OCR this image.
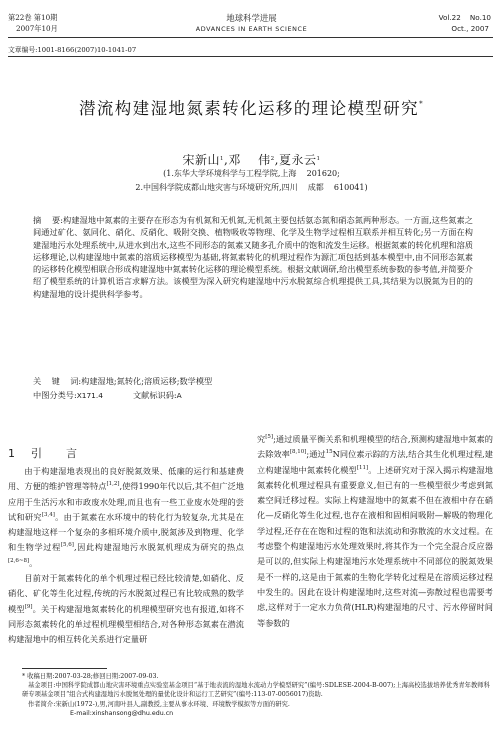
第22卷 第10期
2007年10月
地球科学进展
ADVANCES IN EARTH SCIENCE
Vol.22    No.10
Oct., 2007
文章编号:1001-8166(2007)10-1041-07
潜流构建湿地氮素转化运移的理论模型研究*
宋新山$^1$,邓    伟$^2$,夏永云$^1$
(1.东华大学环境科学与工程学院,上海    201620;
2.中国科学院成都山地灾害与环境研究所,四川    成都    610041)

摘    要:构建湿地中氮素的主要存在形态为有机氮和无机氮,无机氮主要包括氨态氮和硝态氮两种形态。一方面,这些氮素之间通过矿化、氨同化、硝化、反硝化、吸附交换、植物吸收等物理、化学及生物学过程相互联系并相互转化;另一方面在构建湿地污水处理系统中,从进水到出水,这些不同形态的氮素又随多孔介质中的饱和流发生运移。根据氮素的转化机理和溶质运移理论,以构建湿地中氮素的溶质运移模型为基础,将氮素转化的机理过程作为源汇项包括到基本模型中,由不同形态氮素的运移转化模型相联合形成构建湿地中氮素转化运移的理论模型系统。根据文献调研,给出模型系统参数的参考值,并简要介绍了模型系统的计算机语言求解方法。该模型为深入研究构建湿地中污水脱氮综合机理提供工具,其结果为以脱氮为目的的构建湿地的设计提供科学参考。

关    键    词:构建湿地;氮转化;溶质运移;数学模型

中图分类号:X171.4	文献标识码:A

1 引    言

由于构建湿地表现出的良好脱氮效果、低廉的运行和基建费用、方便的维护管理等特点[1,2],使得1990年代以后,其不但广泛地应用于生活污水和市政废水处理,而且也有一些工业废水处理的尝试和研究[3,4]。由于氮素在水环境中的转化行为较复杂,尤其是在构建湿地这样一个复杂的多相环境介质中,脱氮涉及到物理、化学和生物学过程[5,6],因此构建湿地污水脱氮机理成为研究的热点[2,6~8]。

目前对于氮素转化的单个机理过程已经比较清楚,如硝化、反硝化、矿化等生化过程,传统的污水脱氮过程已有比较成熟的数学模型[9]。关于构建湿地氮素转化的机理模型研究也有报道,如将不同形态氮素转化的单过程机理模型相结合,对各种形态氮素在潜流构建湿地中的相互转化关系进行定量研

究[5];通过质量平衡关系和机理模型的结合,预测构建湿地中氮素的去除效率[8,10];通过$^{15}$N同位素示踪的方法,结合其生化机理过程,建立构建湿地中氮素转化模型[11]。上述研究对于深入揭示构建湿地氮素转化机理过程具有重要意义,但已有的一些模型很少考虑到氮素空间迁移过程。实际上构建湿地中的氮素不但在液相中存在硝化—反硝化等生化过程,也存在液相和固相间吸附—解吸的物理化学过程,还存在在饱和过程的饱和法流动和弥散流的水文过程。在考虑整个构建湿地污水处理效果时,将其作为一个完全混合反应器是可以的,但实际上构建湿地污水处理系统中不同部位的脱氮效果是不一样的,这是由于氮素的生物化学转化过程是在溶质运移过程中发生的。因此在设计构建湿地时,这些对流—弥散过程也需要考虑,这样对于一定水力负荷(HLR)构建湿地的尺寸、污水停留时间等参数的

* 收稿日期:2007-03-28;修回日期:2007-09-03.

基金项目:中国科学院成都山地灾害环境重点实验室基金项目“基于地表流的湿地水流动力学模型研究”(编号:SDLESE-2004-B-007);上海高校选拔培养优秀青年教师科研专项基金项目“组合式构建湿地污水脱氮处理的量优化设计和运行工艺研究”(编号:113-07-0056017)资助.

作者简介:宋新山(1972-),男,河南叶县人,副教授,主要从事水环境、环境数学模拟等方面的研究.

E-mail:xinshansong@dhu.edu.cn
